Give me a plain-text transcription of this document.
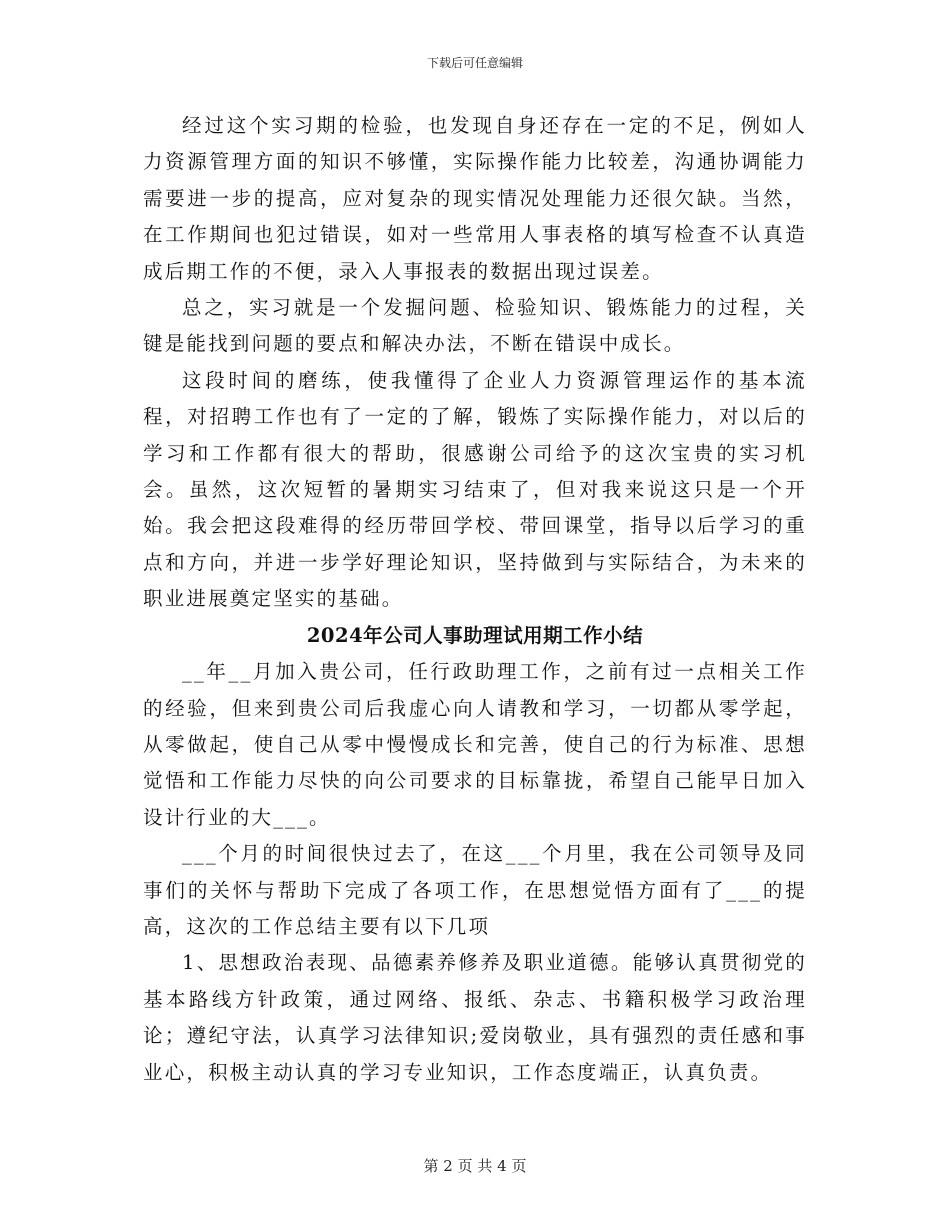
下载后可任意编辑

经过这个实习期的检验，也发现自身还存在一定的不足，例如人力资源管理方面的知识不够懂，实际操作能力比较差，沟通协调能力需要进一步的提高，应对复杂的现实情况处理能力还很欠缺。当然，在工作期间也犯过错误，如对一些常用人事表格的填写检查不认真造成后期工作的不便，录入人事报表的数据出现过误差。

总之，实习就是一个发掘问题、检验知识、锻炼能力的过程，关键是能找到问题的要点和解决办法，不断在错误中成长。

这段时间的磨练，使我懂得了企业人力资源管理运作的基本流程，对招聘工作也有了一定的了解，锻炼了实际操作能力，对以后的学习和工作都有很大的帮助，很感谢公司给予的这次宝贵的实习机会。虽然，这次短暂的暑期实习结束了，但对我来说这只是一个开始。我会把这段难得的经历带回学校、带回课堂，指导以后学习的重点和方向，并进一步学好理论知识，坚持做到与实际结合，为未来的职业进展奠定坚实的基础。

2024年公司人事助理试用期工作小结

__年__月加入贵公司，任行政助理工作，之前有过一点相关工作的经验，但来到贵公司后我虚心向人请教和学习，一切都从零学起，从零做起，使自己从零中慢慢成长和完善，使自己的行为标准、思想觉悟和工作能力尽快的向公司要求的目标靠拢，希望自己能早日加入设计行业的大___。

___个月的时间很快过去了，在这___个月里，我在公司领导及同事们的关怀与帮助下完成了各项工作，在思想觉悟方面有了___的提高，这次的工作总结主要有以下几项

1、思想政治表现、品德素养修养及职业道德。能够认真贯彻党的基本路线方针政策，通过网络、报纸、杂志、书籍积极学习政治理论；遵纪守法，认真学习法律知识;爱岗敬业，具有强烈的责任感和事业心，积极主动认真的学习专业知识，工作态度端正，认真负责。

第 2 页 共 4 页
